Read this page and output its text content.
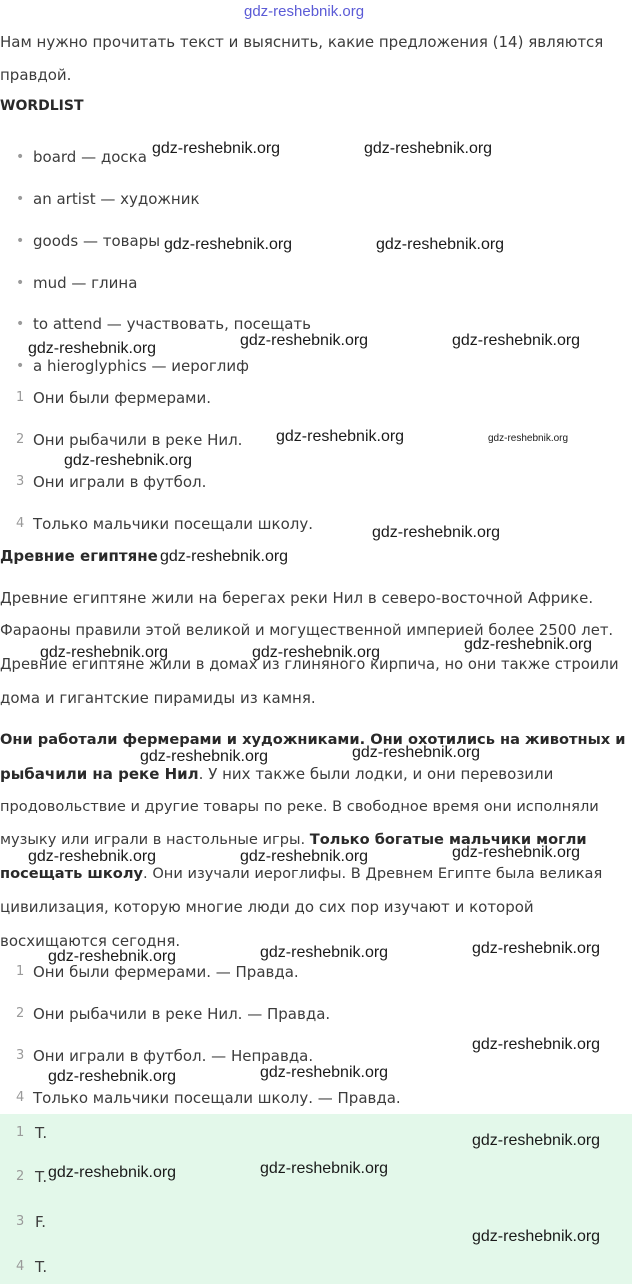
gdz-reshebnik.org
Нам нужно прочитать текст и выяснить, какие предложения (14) являются
правдой.
WORDLIST
• board — доска
• an artist — художник
• goods — товары
• mud — глина
• to attend — участвовать, посещать
• a hieroglyphics — иероглиф
1 Они были фермерами.
2 Они рыбачили в реке Нил.
3 Они играли в футбол.
4 Только мальчики посещали школу.
Древние египтяне
Древние египтяне жили на берегах реки Нил в северо-восточной Африке.
Фараоны правили этой великой и могущественной империей более 2500 лет.
Древние египтяне жили в домах из глиняного кирпича, но они также строили
дома и гигантские пирамиды из камня.
Они работали фермерами и художниками. Они охотились на животных и
рыбачили на реке Нил. У них также были лодки, и они перевозили
продовольствие и другие товары по реке. В свободное время они исполняли
музыку или играли в настольные игры. Только богатые мальчики могли
посещать школу. Они изучали иероглифы. В Древнем Египте была великая
цивилизация, которую многие люди до сих пор изучают и которой
восхищаются сегодня.
1 Они были фермерами. — Правда.
2 Они рыбачили в реке Нил. — Правда.
3 Они играли в футбол. — Неправда.
4 Только мальчики посещали школу. — Правда.
1 T.
2 T.
3 F.
4 T.
gdz-reshebnik.org	gdz-reshebnik.org
gdz-reshebnik.org	gdz-reshebnik.org
gdz-reshebnik.org	gdz-reshebnik.org	gdz-reshebnik.org
gdz-reshebnik.org	gdz-reshebnik.org
gdz-reshebnik.org
gdz-reshebnik.org
gdz-reshebnik.org
gdz-reshebnik.org	gdz-reshebnik.org	gdz-reshebnik.org
gdz-reshebnik.org	gdz-reshebnik.org
gdz-reshebnik.org	gdz-reshebnik.org	gdz-reshebnik.org
gdz-reshebnik.org	gdz-reshebnik.org	gdz-reshebnik.org
gdz-reshebnik.org
gdz-reshebnik.org	gdz-reshebnik.org
gdz-reshebnik.org
gdz-reshebnik.org	gdz-reshebnik.org
gdz-reshebnik.org
